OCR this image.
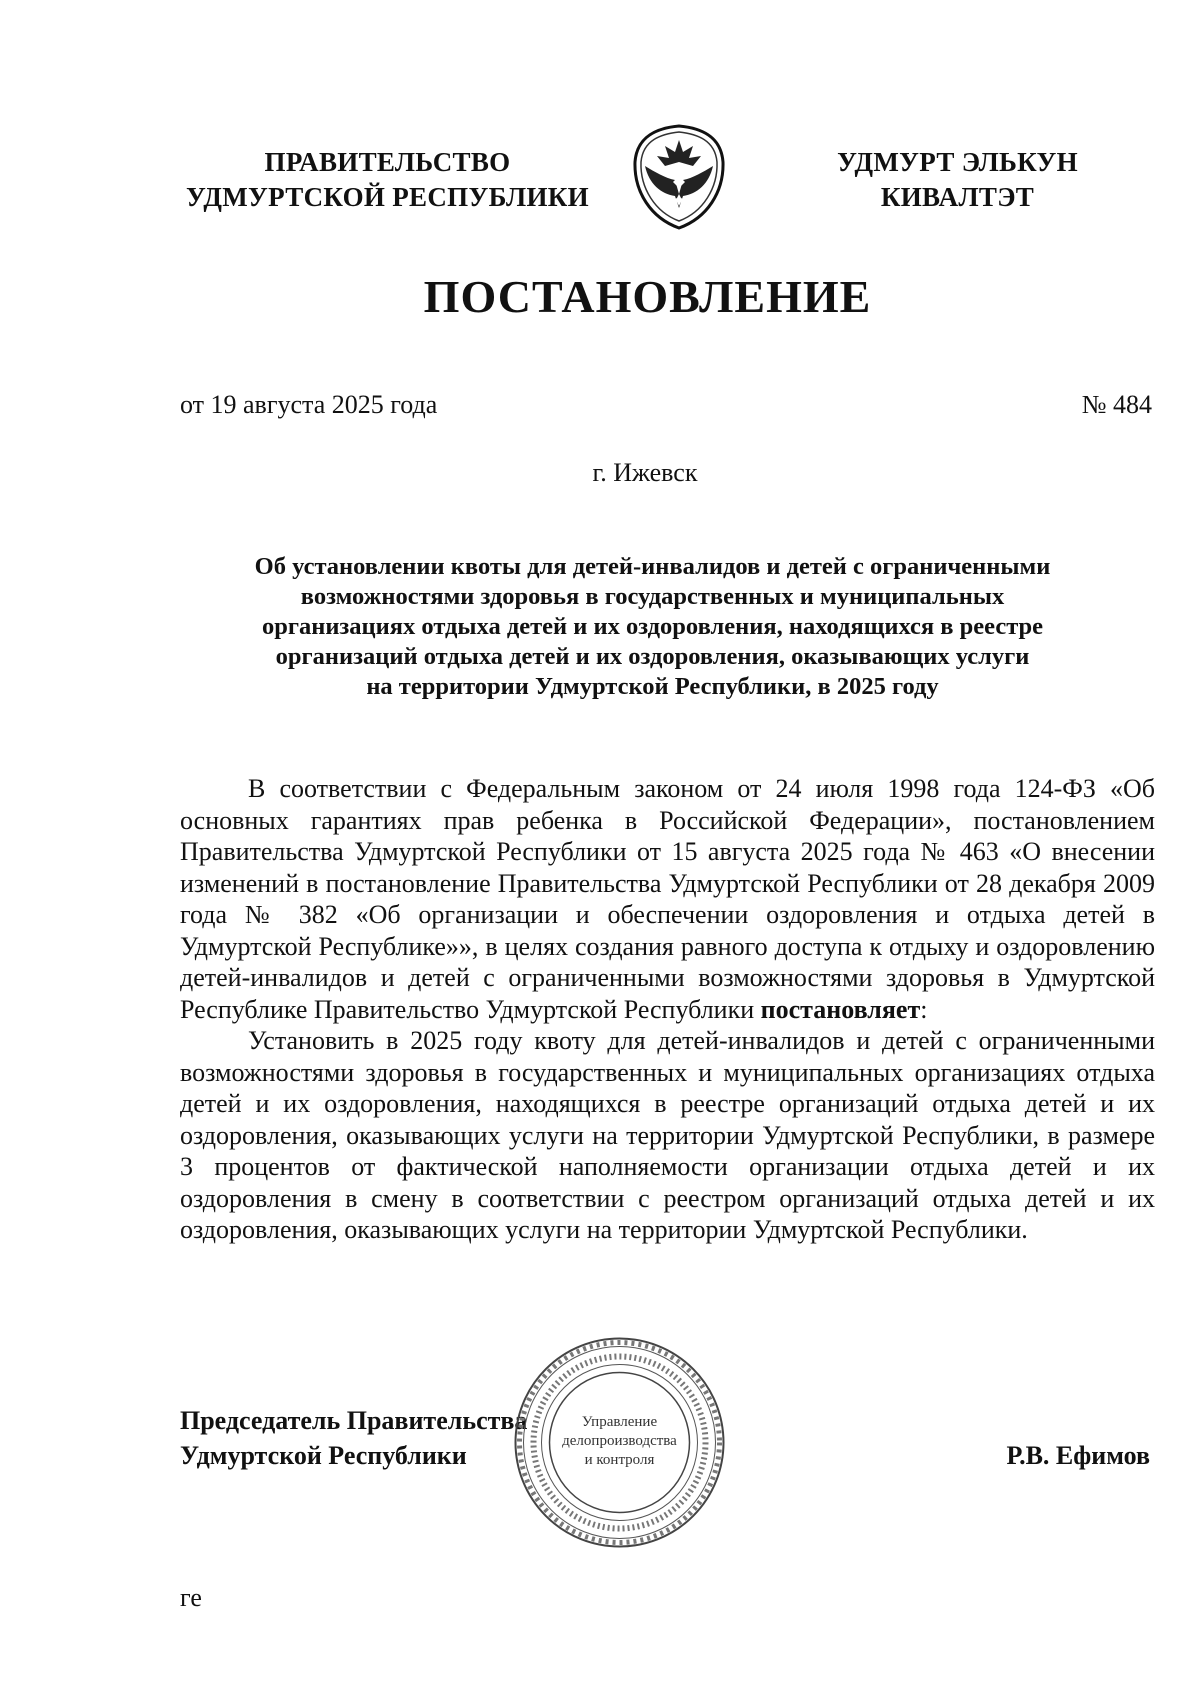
ПРАВИТЕЛЬСТВО
УДМУРТСКОЙ РЕСПУБЛИКИ
УДМУРТ ЭЛЬКУН
КИВАЛТЭТ
ПОСТАНОВЛЕНИЕ
от 19 августа 2025 года	№ 484
г. Ижевск
Об установлении квоты для детей-инвалидов и детей с ограниченными
возможностями здоровья в государственных и муниципальных
организациях отдыха детей и их оздоровления, находящихся в реестре
организаций отдыха детей и их оздоровления, оказывающих услуги
на территории Удмуртской Республики, в 2025 году

В соответствии с Федеральным законом от 24 июля 1998 года 124-ФЗ «Об основных гарантиях прав ребенка в Российской Федерации», постановлением Правительства Удмуртской Республики от 15 августа 2025 года № 463 «О внесении изменений в постановление Правительства Удмуртской Республики от 28 декабря 2009 года № 382 «Об организации и обеспечении оздоровления и отдыха детей в Удмуртской Республике»», в целях создания равного доступа к отдыху и оздоровлению детей-инвалидов и детей с ограниченными возможностями здоровья в Удмуртской Республике Правительство Удмуртской Республики постановляет:

Установить в 2025 году квоту для детей-инвалидов и детей с ограниченными возможностями здоровья в государственных и муниципальных организациях отдыха детей и их оздоровления, находящихся в реестре организаций отдыха детей и их оздоровления, оказывающих услуги на территории Удмуртской Республики, в размере 3 процентов от фактической наполняемости организации отдыха детей и их оздоровления в смену в соответствии с реестром организаций отдыха детей и их оздоровления, оказывающих услуги на территории Удмуртской Республики.

Председатель Правительства
Удмуртской Республики	Р.В. Ефимов
Управление
делопроизводства
и контроля
ге
